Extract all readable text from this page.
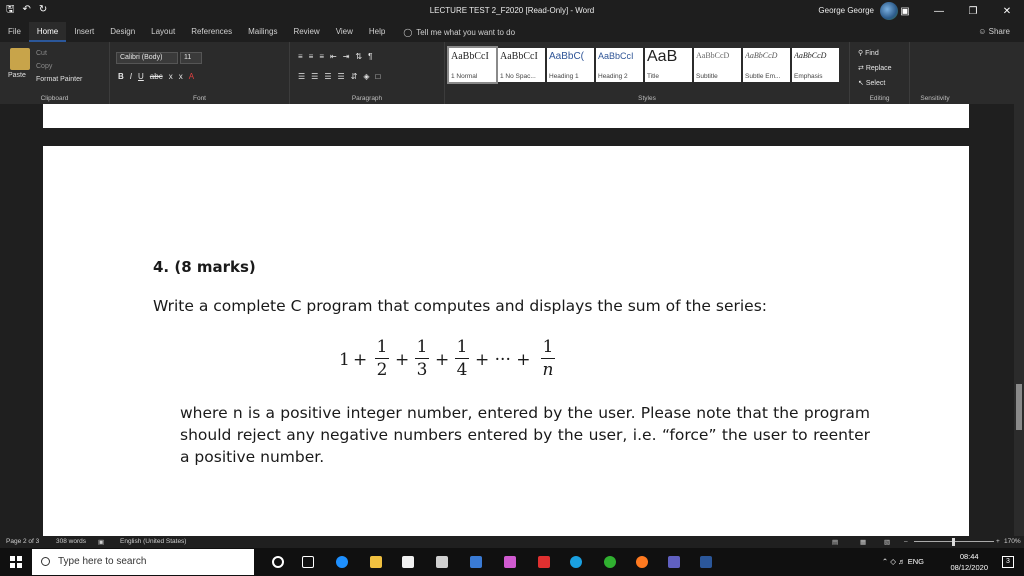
🖫 ↶ ↻	LECTURE TEST 2_F2020 [Read-Only] - Word	George George	▣	—	❐	✕
File	Home	Insert	Design	Layout	References	Mailings	Review	View	Help	◯ Tell me what you want to do	☺ Share
Paste
Cut
Copy
Format Painter
Clipboard
Calibri (Body)	11
B I U abc x x A
Font
≡ ≡ ≡ ⇤ ⇥ ⇅ ¶
☰ ☰ ☰ ☰ ⇵ ◈ □
Paragraph	Styles
AaBbCcI
1 Normal
AaBbCcI
1 No Spac...
AaBbC(
Heading 1
AaBbCcI
Heading 2
AaB
Title
AaBbCcD
Subtitle
AaBbCcD
Subtle Em...
AaBbCcD
Emphasis
Editing
⚲ Find
⇄ Replace
↖ Select
Sensitivity
4. (8 marks)
Write a complete C program that computes and displays the sum of the series:
1 +
1
2 +
1
3 +
1
4 + ··· +
1
n
where n is a positive integer number, entered by the user. Please note that the program should reject any negative numbers entered by the user, i.e. “force” the user to reenter a positive number.
Page 2 of 3	308 words ▣ English (United States)	▤	▦	▧ –	+ 170%
Type here to search	⌃ ◇ ♬ ENG
08:44
08/12/2020
3
